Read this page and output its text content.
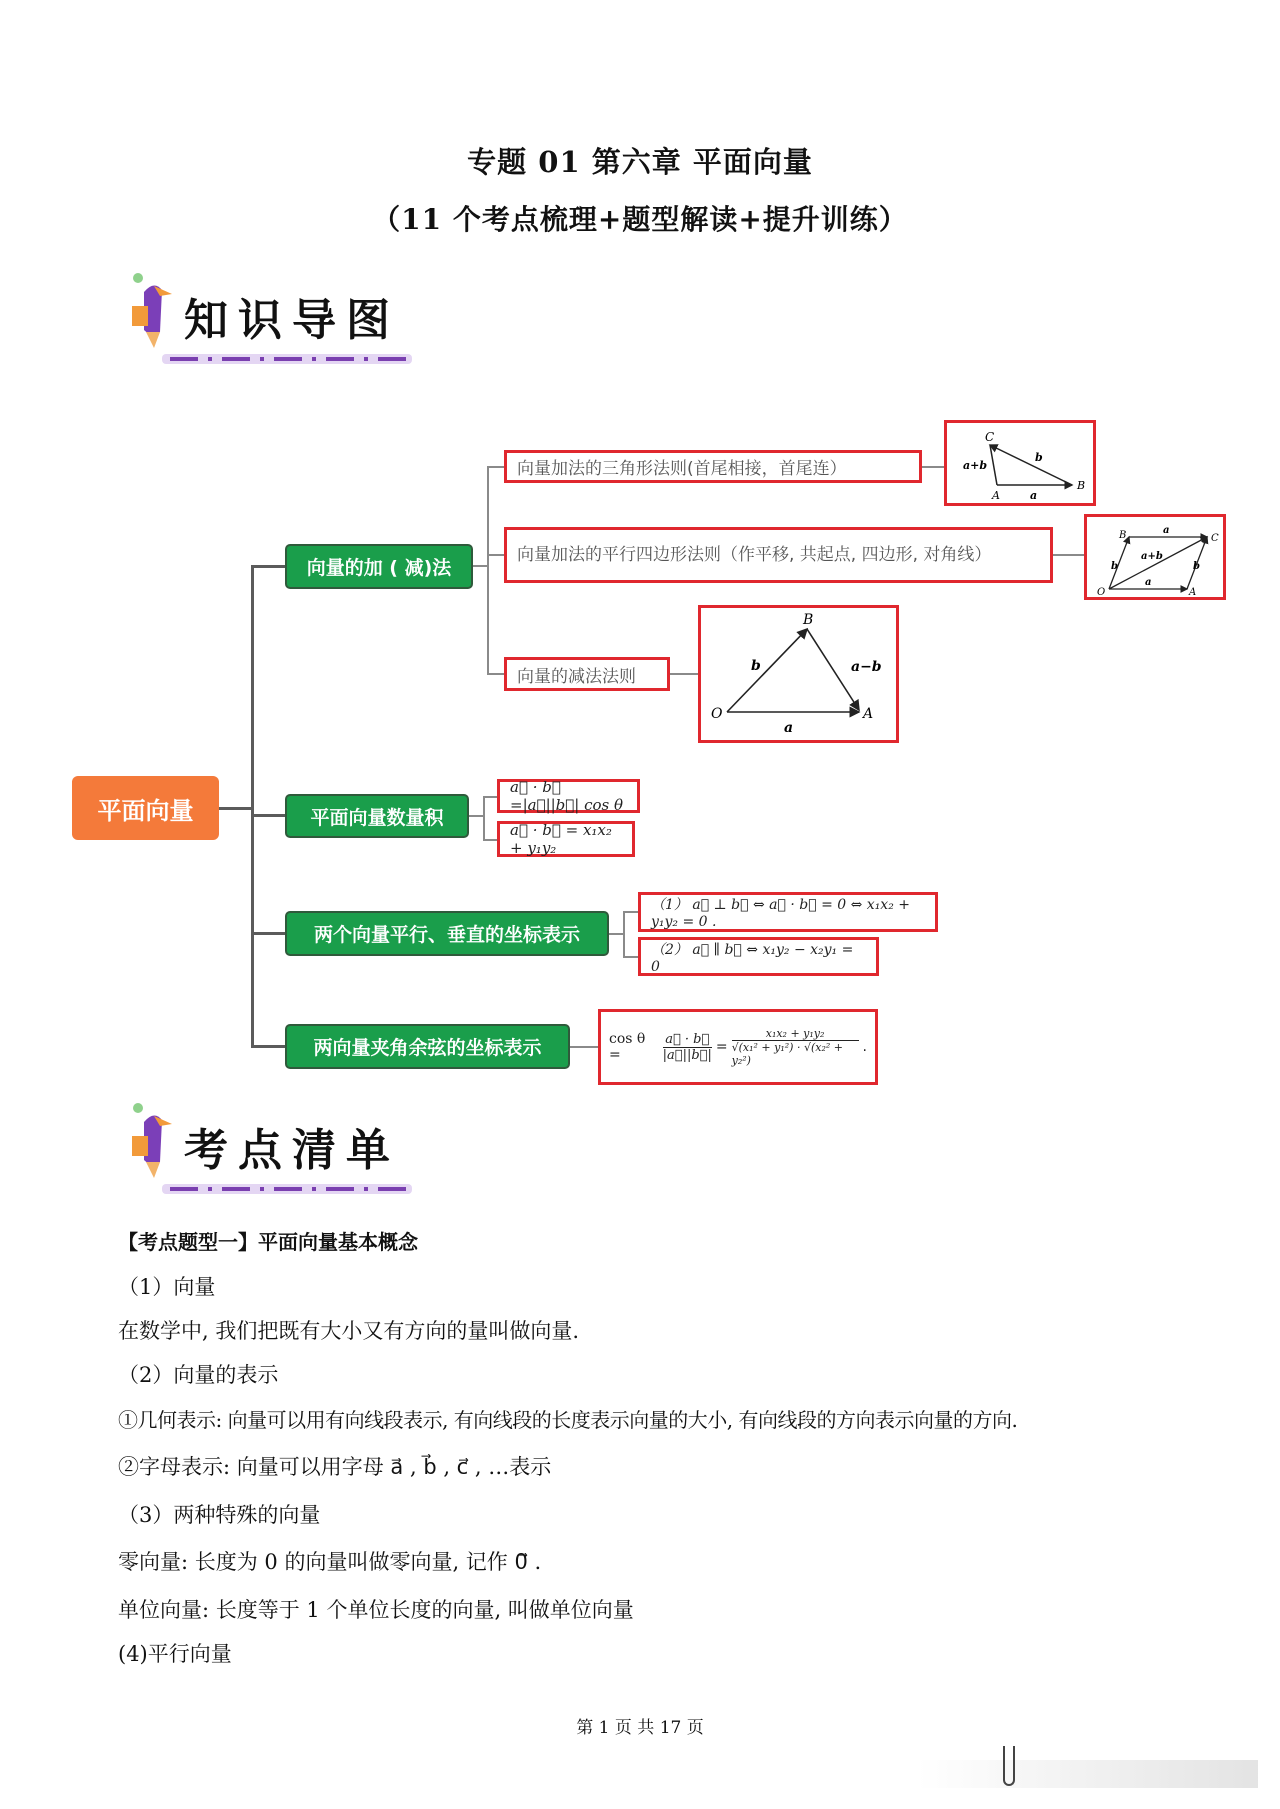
专题 01 第六章 平面向量
（11 个考点梳理+题型解读+提升训练）
知识导图
平面向量
向量的加 ( 减)法
平面向量数量积
两个向量平行、垂直的坐标表示
两向量夹角余弦的坐标表示
向量加法的三角形法则(首尾相接，首尾连）
向量加法的平行四边形法则（作平移, 共起点, 四边形, 对角线）
向量的减法法则
C
b
a+b
A	a
B
B	a
C
b
a+b
b
O
a
A
B
b	a−b
O
a
A
a⃗ · b⃗ =|a⃗||b⃗| cos θ
a⃗ · b⃗ = x₁x₂ + y₁y₂
（1） a⃗ ⊥ b⃗ ⇔ a⃗ · b⃗ = 0 ⇔ x₁x₂ + y₁y₂ = 0 .
（2） a⃗ ∥ b⃗ ⇔ x₁y₂ − x₂y₁ = 0
cos θ =
a⃗ · b⃗
|a⃗||b⃗| =
x₁x₂ + y₁y₂
√(x₁² + y₁²) · √(x₂² + y₂²)
.
考点清单
【考点题型一】平面向量基本概念
（1）向量
在数学中, 我们把既有大小又有方向的量叫做向量.
（2）向量的表示
①几何表示: 向量可以用有向线段表示, 有向线段的长度表示向量的大小, 有向线段的方向表示向量的方向.
②字母表示: 向量可以用字母 a⃗ , b⃗ , c⃗ , …表示
（3）两种特殊的向量
零向量: 长度为 0 的向量叫做零向量, 记作 0⃗ .
单位向量: 长度等于 1 个单位长度的向量, 叫做单位向量
(4)平行向量
第 1 页 共 17 页
